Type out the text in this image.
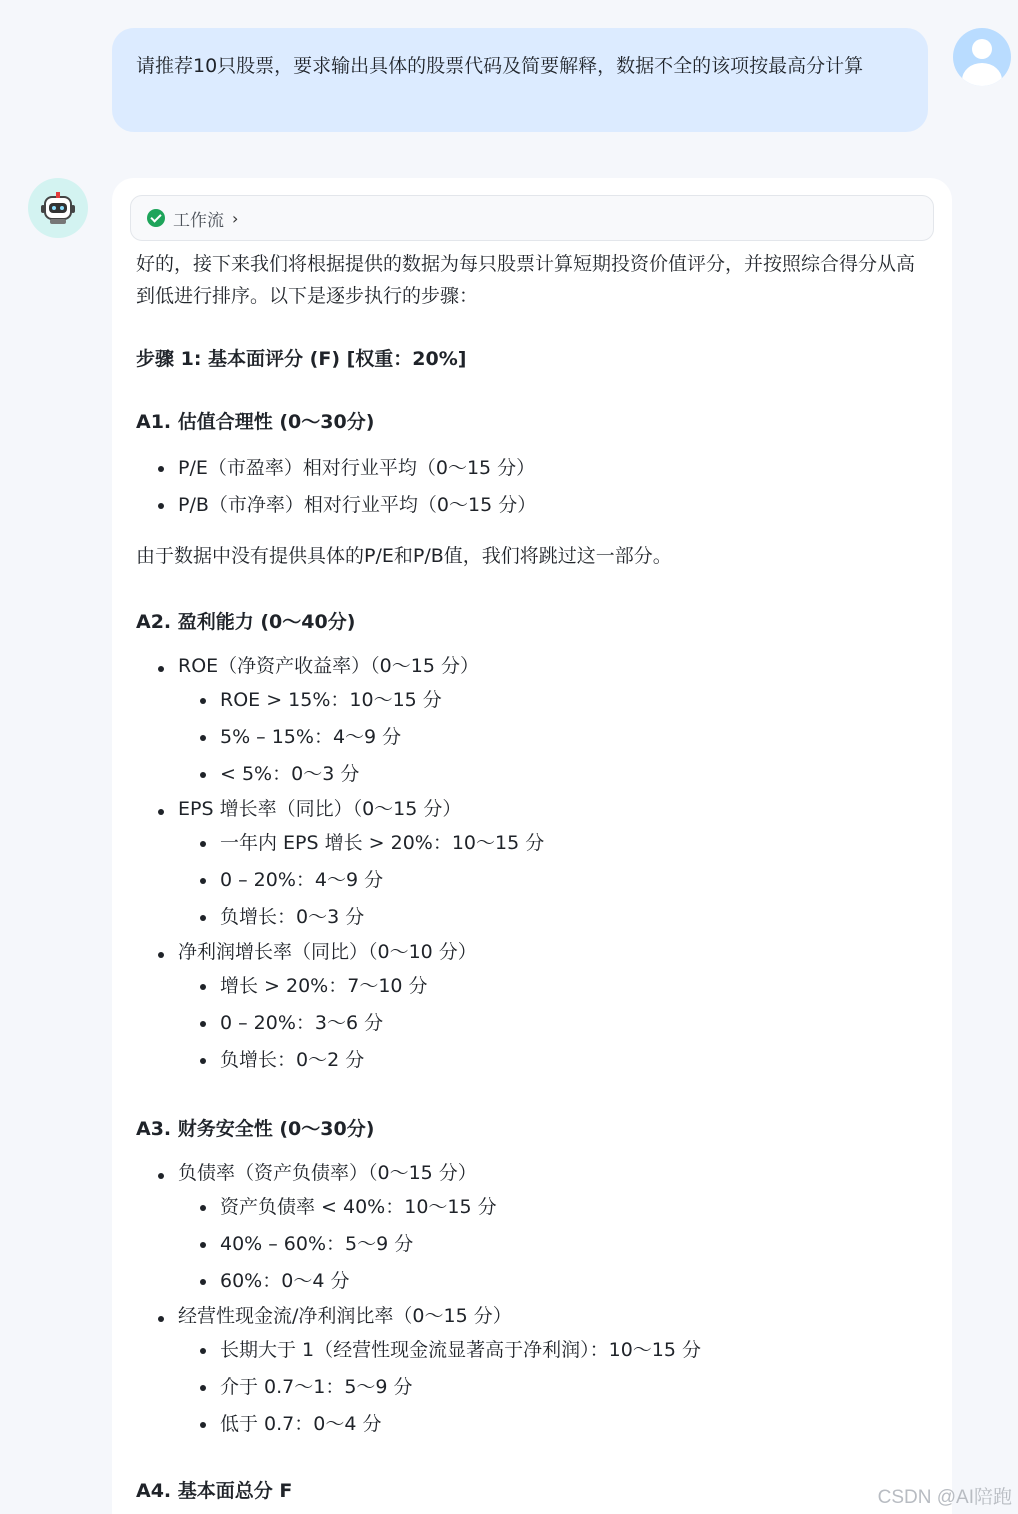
请推荐10只股票，要求输出具体的股票代码及简要解释，数据不全的该项按最高分计算
工作流 ›

好的，接下来我们将根据提供的数据为每只股票计算短期投资价值评分，并按照综合得分从高到低进行排序。以下是逐步执行的步骤：

步骤 1: 基本面评分 (F) [权重：20%]

A1. 估值合理性 (0～30分)

P/E（市盈率）相对行业平均（0～15 分）
P/B（市净率）相对行业平均（0～15 分）

由于数据中没有提供具体的P/E和P/B值，我们将跳过这一部分。

A2. 盈利能力 (0～40分)

ROE（净资产收益率）（0～15 分）
ROE > 15%：10～15 分
5% – 15%：4～9 分
< 5%：0～3 分
EPS 增长率（同比）（0～15 分）
一年内 EPS 增长 > 20%：10～15 分
0 – 20%：4～9 分
负增长：0～3 分
净利润增长率（同比）（0～10 分）
增长 > 20%：7～10 分
0 – 20%：3～6 分
负增长：0～2 分

A3. 财务安全性 (0～30分)

负债率（资产负债率）（0～15 分）
资产负债率 < 40%：10～15 分
40% – 60%：5～9 分
60%：0～4 分
经营性现金流/净利润比率（0～15 分）
长期大于 1（经营性现金流显著高于净利润）：10～15 分
介于 0.7～1：5～9 分
低于 0.7：0～4 分

A4. 基本面总分 F	CSDN @AI陪跑
